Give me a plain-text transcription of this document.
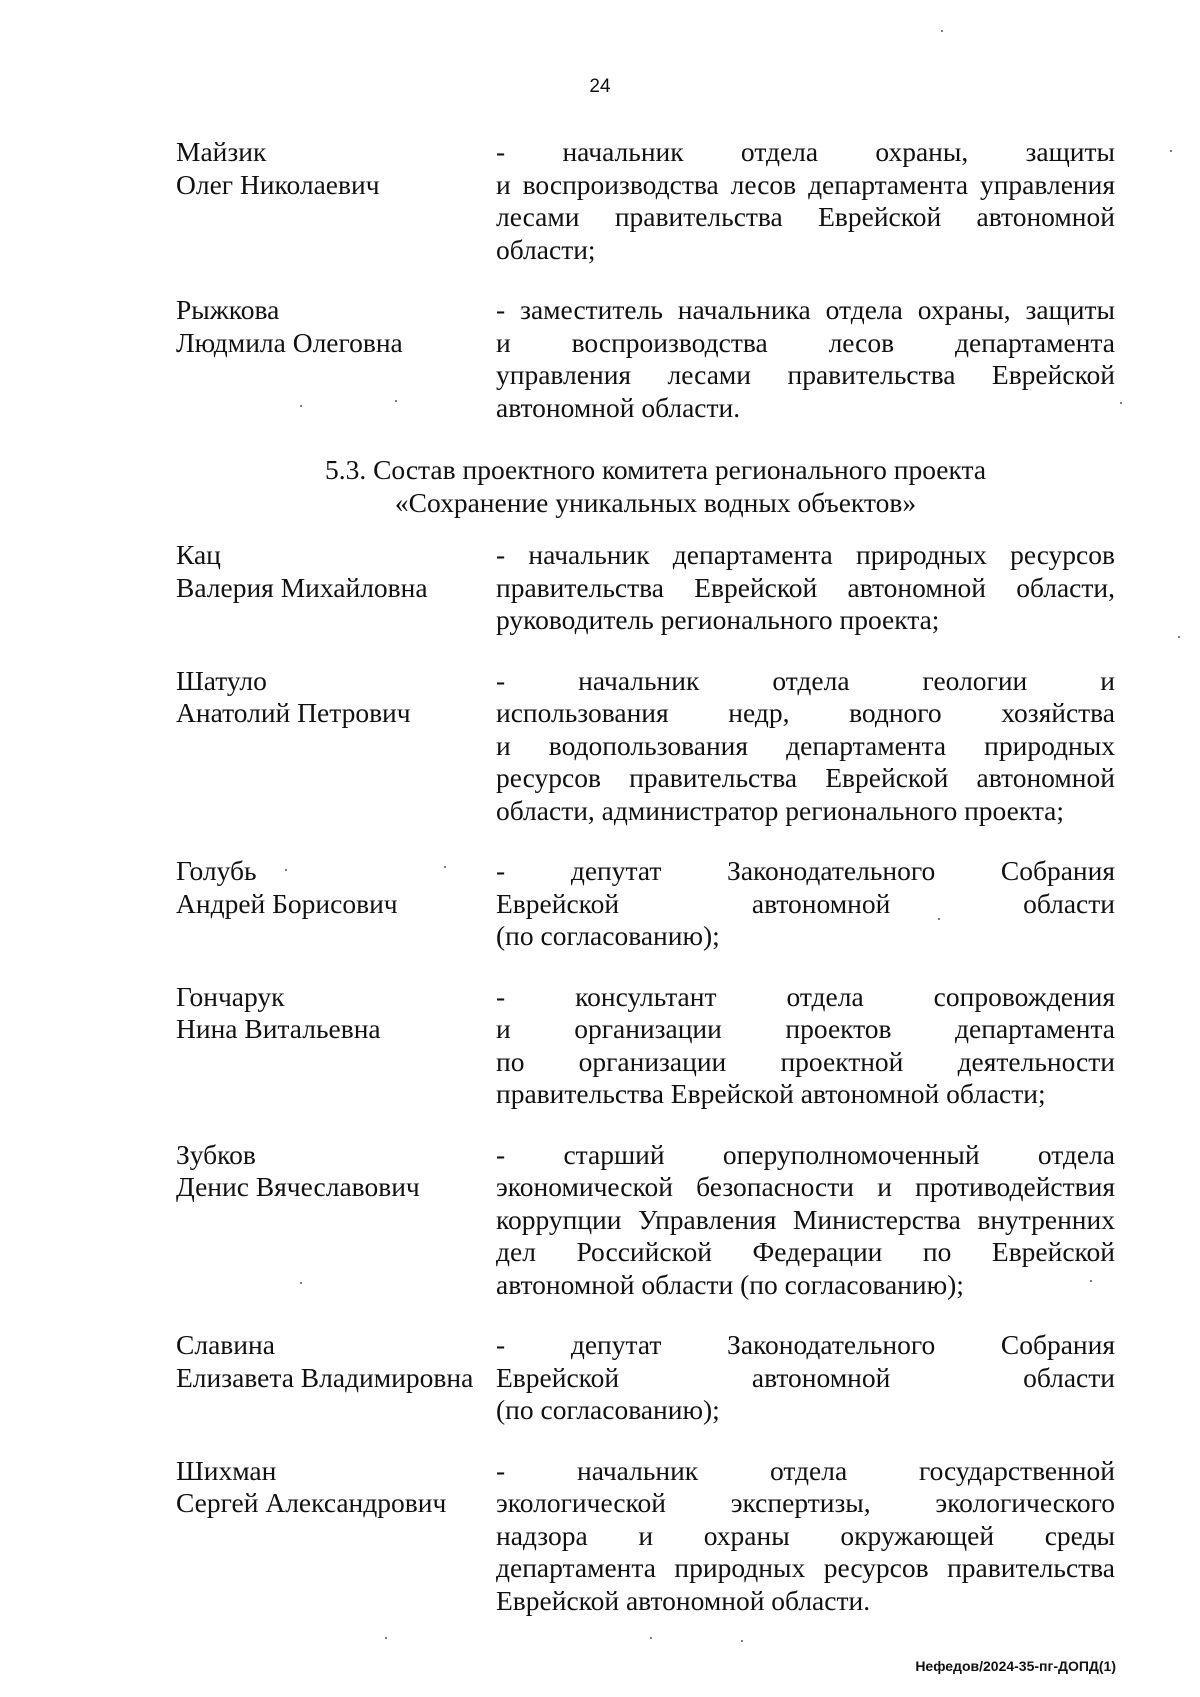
24
Майзик
Олег Николаевич
- начальник отдела охраны, защиты
и воспроизводства лесов департамента управления
лесами правительства Еврейской автономной
области;
Рыжкова
Людмила Олеговна
- заместитель начальника отдела охраны, защиты
и воспроизводства лесов департамента
управления лесами правительства Еврейской
автономной области.
5.3. Состав проектного комитета регионального проекта
«Сохранение уникальных водных объектов»
Кац
Валерия Михайловна
- начальник департамента природных ресурсов
правительства Еврейской автономной области,
руководитель регионального проекта;
Шатуло
Анатолий Петрович
- начальник отдела геологии и
использования недр, водного хозяйства
и водопользования департамента природных
ресурсов правительства Еврейской автономной
области, администратор регионального проекта;
Голубь
Андрей Борисович
- депутат Законодательного Собрания
Еврейской автономной области
(по согласованию);
Гончарук
Нина Витальевна
- консультант отдела сопровождения
и организации проектов департамента
по организации проектной деятельности
правительства Еврейской автономной области;
Зубков
Денис Вячеславович
- старший оперуполномоченный отдела
экономической безопасности и противодействия
коррупции Управления Министерства внутренних
дел Российской Федерации по Еврейской
автономной области (по согласованию);
Славина
Елизавета Владимировна
- депутат Законодательного Собрания
Еврейской автономной области
(по согласованию);
Шихман
Сергей Александрович
- начальник отдела государственной
экологической экспертизы, экологического
надзора и охраны окружающей среды
департамента природных ресурсов правительства
Еврейской автономной области.
Нефедов/2024-35-пг-ДОПД(1)
